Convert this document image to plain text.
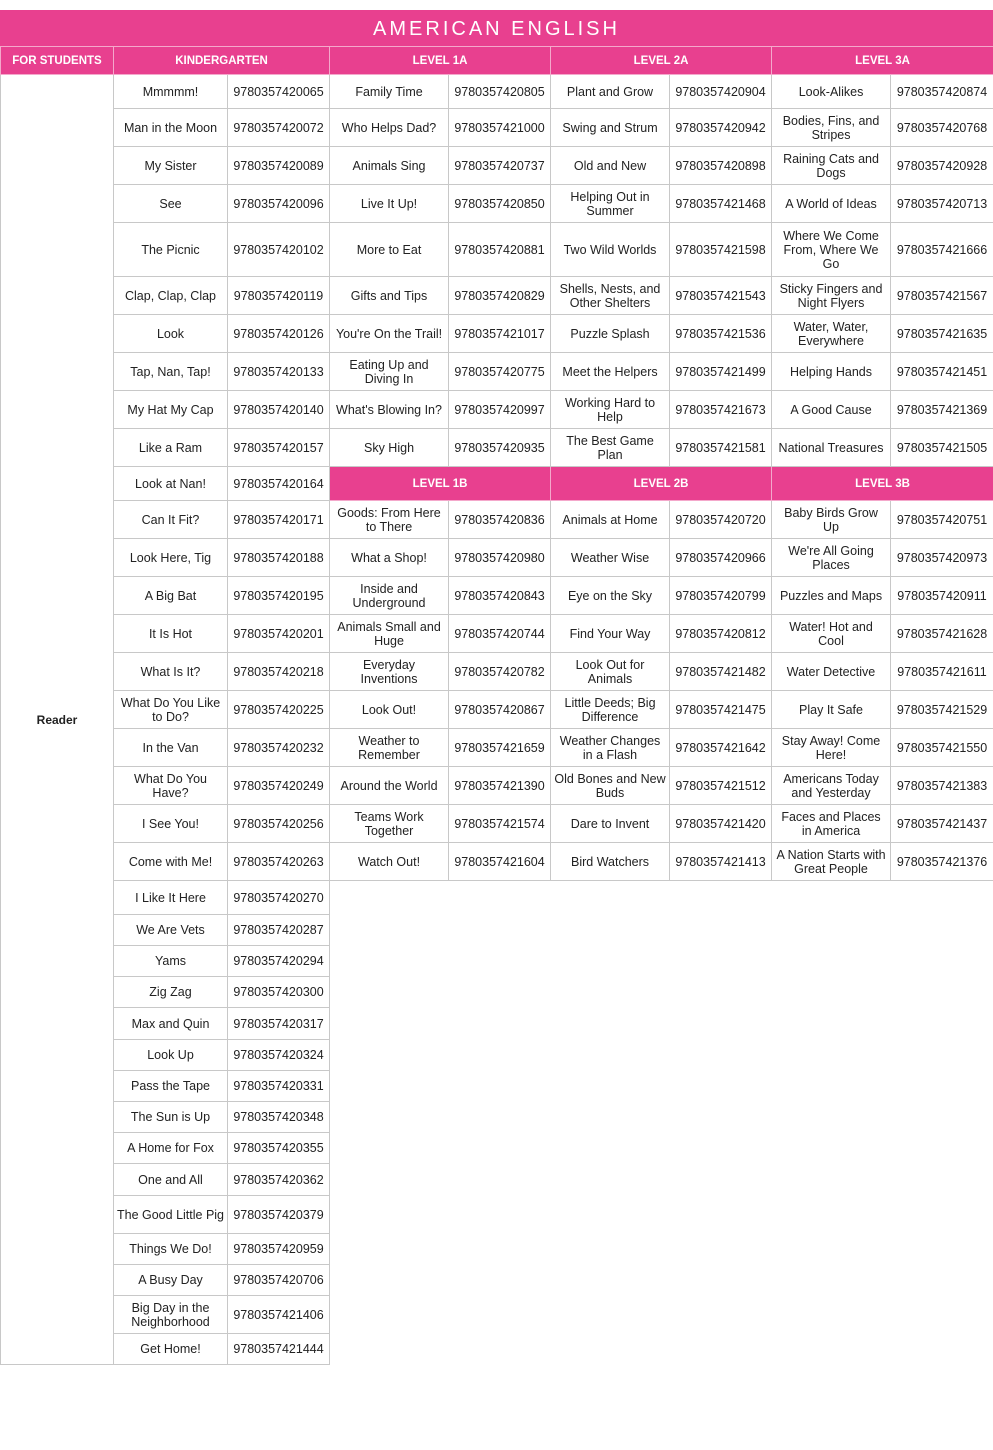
AMERICAN ENGLISH
FOR STUDENTS	KINDERGARTEN		LEVEL 1A		LEVEL 2A		LEVEL 3A	
Reader	Mmmmm!	9780357420065	Family Time	9780357420805	Plant and Grow	9780357420904	Look-Alikes	9780357420874
	Man in the Moon	9780357420072	Who Helps Dad?	9780357421000	Swing and Strum	9780357420942	Bodies, Fins, and Stripes	9780357420768
	My Sister	9780357420089	Animals Sing	9780357420737	Old and New	9780357420898	Raining Cats and Dogs	9780357420928
	See	9780357420096	Live It Up!	9780357420850	Helping Out in Summer	9780357421468	A World of Ideas	9780357420713
	The Picnic	9780357420102	More to Eat	9780357420881	Two Wild Worlds	9780357421598	Where We Come From, Where We Go	9780357421666
	Clap, Clap, Clap	9780357420119	Gifts and Tips	9780357420829	Shells, Nests, and Other Shelters	9780357421543	Sticky Fingers and Night Flyers	9780357421567
	Look	9780357420126	You're On the Trail!	9780357421017	Puzzle Splash	9780357421536	Water, Water, Everywhere	9780357421635
	Tap, Nan, Tap!	9780357420133	Eating Up and Diving In	9780357420775	Meet the Helpers	9780357421499	Helping Hands	9780357421451
	My Hat My Cap	9780357420140	What's Blowing In?	9780357420997	Working Hard to Help	9780357421673	A Good Cause	9780357421369
	Like a Ram	9780357420157	Sky High	9780357420935	The Best Game Plan	9780357421581	National Treasures	9780357421505
	Look at Nan!	9780357420164	LEVEL 1B		LEVEL 2B		LEVEL 3B	
	Can It Fit?	9780357420171	Goods: From Here to There	9780357420836	Animals at Home	9780357420720	Baby Birds Grow Up	9780357420751
	Look Here, Tig	9780357420188	What a Shop!	9780357420980	Weather Wise	9780357420966	We're All Going Places	9780357420973
	A Big Bat	9780357420195	Inside and Underground	9780357420843	Eye on the Sky	9780357420799	Puzzles and Maps	9780357420911
	It Is Hot	9780357420201	Animals Small and Huge	9780357420744	Find Your Way	9780357420812	Water! Hot and Cool	9780357421628
	What Is It?	9780357420218	Everyday Inventions	9780357420782	Look Out for Animals	9780357421482	Water Detective	9780357421611
	What Do You Like to Do?	9780357420225	Look Out!	9780357420867	Little Deeds; Big Difference	9780357421475	Play It Safe	9780357421529
	In the Van	9780357420232	Weather to Remember	9780357421659	Weather Changes in a Flash	9780357421642	Stay Away! Come Here!	9780357421550
	What Do You Have?	9780357420249	Around the World	9780357421390	Old Bones and New Buds	9780357421512	Americans Today and Yesterday	9780357421383
	I See You!	9780357420256	Teams Work Together	9780357421574	Dare to Invent	9780357421420	Faces and Places in America	9780357421437
	Come with Me!	9780357420263	Watch Out!	9780357421604	Bird Watchers	9780357421413	A Nation Starts with Great People	9780357421376
	I Like It Here	9780357420270						
	We Are Vets	9780357420287						
	Yams	9780357420294						
	Zig Zag	9780357420300						
	Max and Quin	9780357420317						
	Look Up	9780357420324						
	Pass the Tape	9780357420331						
	The Sun is Up	9780357420348						
	A Home for Fox	9780357420355						
	One and All	9780357420362						
	The Good Little Pig	9780357420379						
	Things We Do!	9780357420959						
	A Busy Day	9780357420706						
	Big Day in the Neighborhood	9780357421406						
	Get Home!	9780357421444						
